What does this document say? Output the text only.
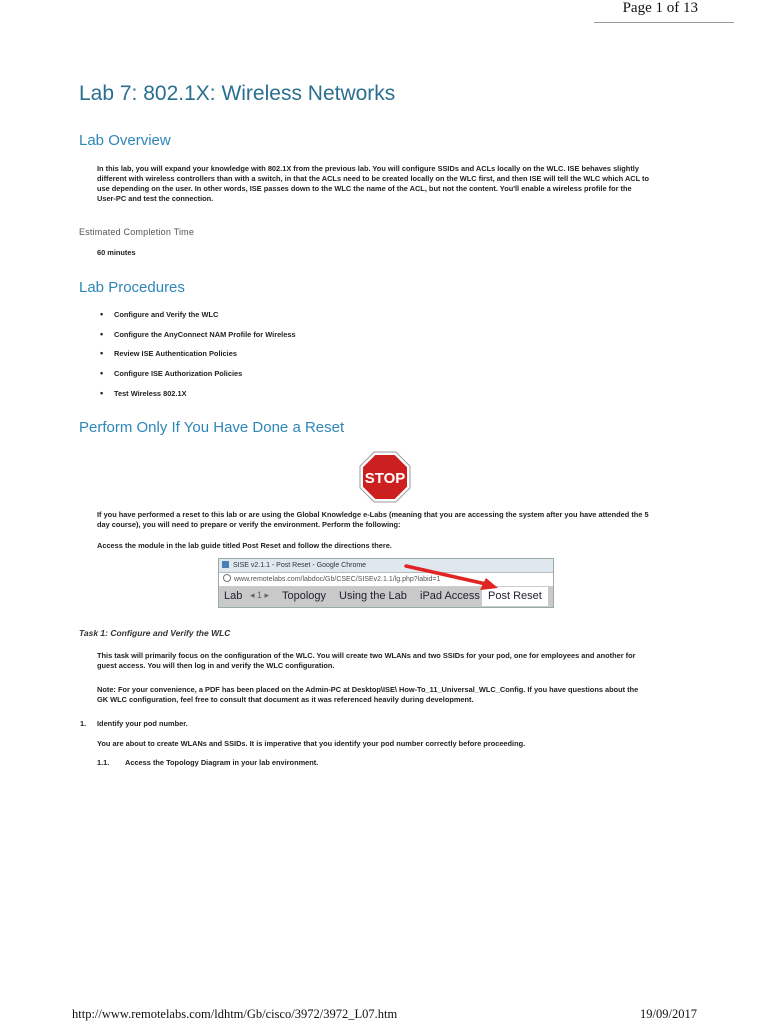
Page 1 of 13
Lab 7: 802.1X: Wireless Networks
Lab Overview
In this lab, you will expand your knowledge with 802.1X from the previous lab. You will configure SSIDs and ACLs locally on the WLC. ISE behaves slightly
different with wireless controllers than with a switch, in that the ACLs need to be created locally on the WLC first, and then ISE will tell the WLC which ACL to
use depending on the user. In other words, ISE passes down to the WLC the name of the ACL, but not the content. You'll enable a wireless profile for the
User-PC and test the connection.
Estimated Completion Time
60 minutes
Lab Procedures
• Configure and Verify the WLC
• Configure the AnyConnect NAM Profile for Wireless
• Review ISE Authentication Policies
• Configure ISE Authorization Policies
• Test Wireless 802.1X
Perform Only If You Have Done a Reset
STOP
If you have performed a reset to this lab or are using the Global Knowledge e-Labs (meaning that you are accessing the system after you have attended the 5
day course), you will need to prepare or verify the environment. Perform the following:
Access the module in the lab guide titled Post Reset and follow the directions there.
SISE v2.1.1 - Post Reset - Google Chrome
www.remotelabs.com/labdoc/Gb/CSEC/SISEv2.1.1/lg.php?labid=1
Lab ◂ 1 ▸ Topology Using the Lab iPad Access Post Reset
Task 1: Configure and Verify the WLC
This task will primarily focus on the configuration of the WLC. You will create two WLANs and two SSIDs for your pod, one for employees and another for
guest access. You will then log in and verify the WLC configuration.
Note: For your convenience, a PDF has been placed on the Admin-PC at Desktop\ISE\ How-To_11_Universal_WLC_Config. If you have questions about the
GK WLC configuration, feel free to consult that document as it was referenced heavily during development.
1. Identify your pod number.
You are about to create WLANs and SSIDs. It is imperative that you identify your pod number correctly before proceeding.
1.1. Access the Topology Diagram in your lab environment.
http://www.remotelabs.com/ldhtm/Gb/cisco/3972/3972_L07.htm	19/09/2017
